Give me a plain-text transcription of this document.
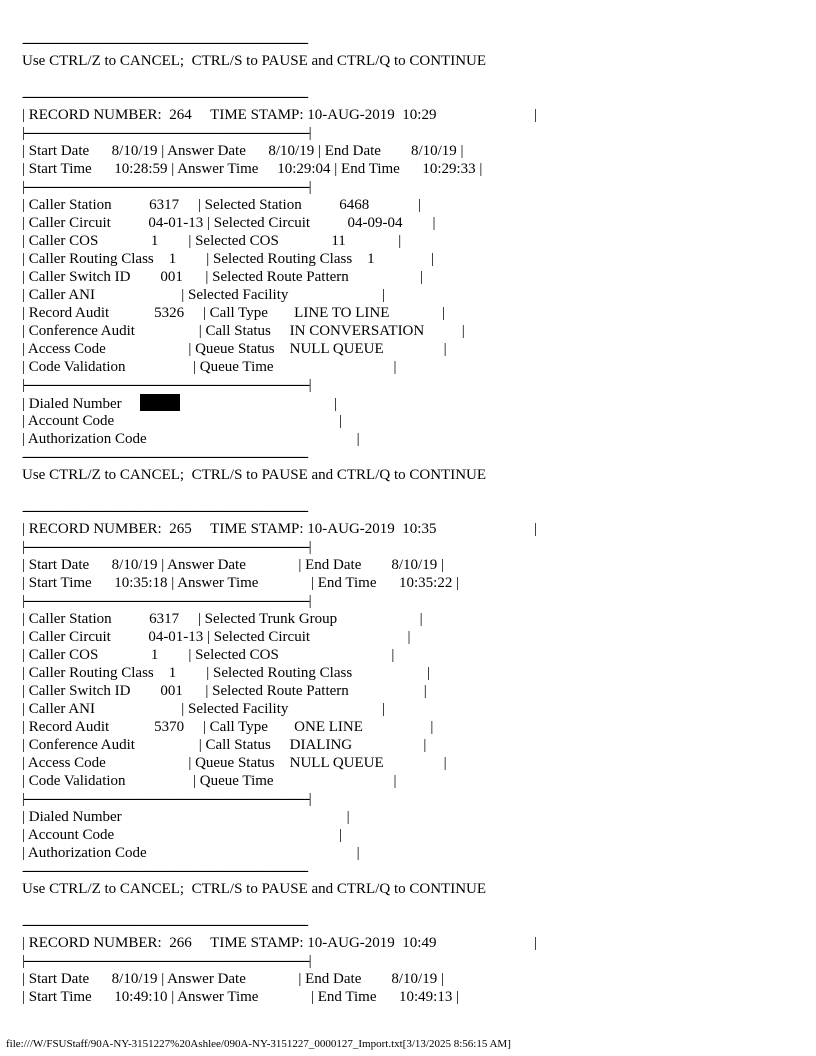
------------------------------------------------------------------------------------
Use CTRL/Z to CANCEL;  CTRL/S to PAUSE and CTRL/Q to CONTINUE
------------------------------------------------------------------------------------
| RECORD NUMBER:  264     TIME STAMP: 10-AUG-2019  10:29                          |
|------------------------------------------------------------------------------------|
| Start Date      8/10/19 | Answer Date      8/10/19 | End Date        8/10/19 |
| Start Time      10:28:59 | Answer Time     10:29:04 | End Time      10:29:33 |
|------------------------------------------------------------------------------------|
| Caller Station          6317     | Selected Station          6468             |
| Caller Circuit          04-01-13 | Selected Circuit          04-09-04        |
| Caller COS              1        | Selected COS              11              |
| Caller Routing Class    1        | Selected Routing Class    1               |
| Caller Switch ID        001      | Selected Route Pattern                   |
| Caller ANI                       | Selected Facility                         |
| Record Audit            5326     | Call Type       LINE TO LINE              |
| Conference Audit                 | Call Status     IN CONVERSATION          |
| Access Code                      | Queue Status    NULL QUEUE                |
| Code Validation                  | Queue Time                                |
|------------------------------------------------------------------------------------|
| Dialed Number	|
| Account Code                                                            |
| Authorization Code                                                        |
------------------------------------------------------------------------------------
Use CTRL/Z to CANCEL;  CTRL/S to PAUSE and CTRL/Q to CONTINUE
------------------------------------------------------------------------------------
| RECORD NUMBER:  265     TIME STAMP: 10-AUG-2019  10:35                          |
|------------------------------------------------------------------------------------|
| Start Date      8/10/19 | Answer Date              | End Date        8/10/19 |
| Start Time      10:35:18 | Answer Time              | End Time      10:35:22 |
|------------------------------------------------------------------------------------|
| Caller Station          6317     | Selected Trunk Group                      |
| Caller Circuit          04-01-13 | Selected Circuit                          |
| Caller COS              1        | Selected COS                              |
| Caller Routing Class    1        | Selected Routing Class                    |
| Caller Switch ID        001      | Selected Route Pattern                    |
| Caller ANI                       | Selected Facility                         |
| Record Audit            5370     | Call Type       ONE LINE                  |
| Conference Audit                 | Call Status     DIALING                   |
| Access Code                      | Queue Status    NULL QUEUE                |
| Code Validation                  | Queue Time                                |
|------------------------------------------------------------------------------------|
| Dialed Number                                                            |
| Account Code                                                            |
| Authorization Code                                                        |
------------------------------------------------------------------------------------
Use CTRL/Z to CANCEL;  CTRL/S to PAUSE and CTRL/Q to CONTINUE
------------------------------------------------------------------------------------
| RECORD NUMBER:  266     TIME STAMP: 10-AUG-2019  10:49                          |
|------------------------------------------------------------------------------------|
| Start Date      8/10/19 | Answer Date              | End Date        8/10/19 |
| Start Time      10:49:10 | Answer Time              | End Time      10:49:13 |
file:///W/FSUStaff/90A-NY-3151227%20Ashlee/090A-NY-3151227_0000127_Import.txt[3/13/2025 8:56:15 AM]
